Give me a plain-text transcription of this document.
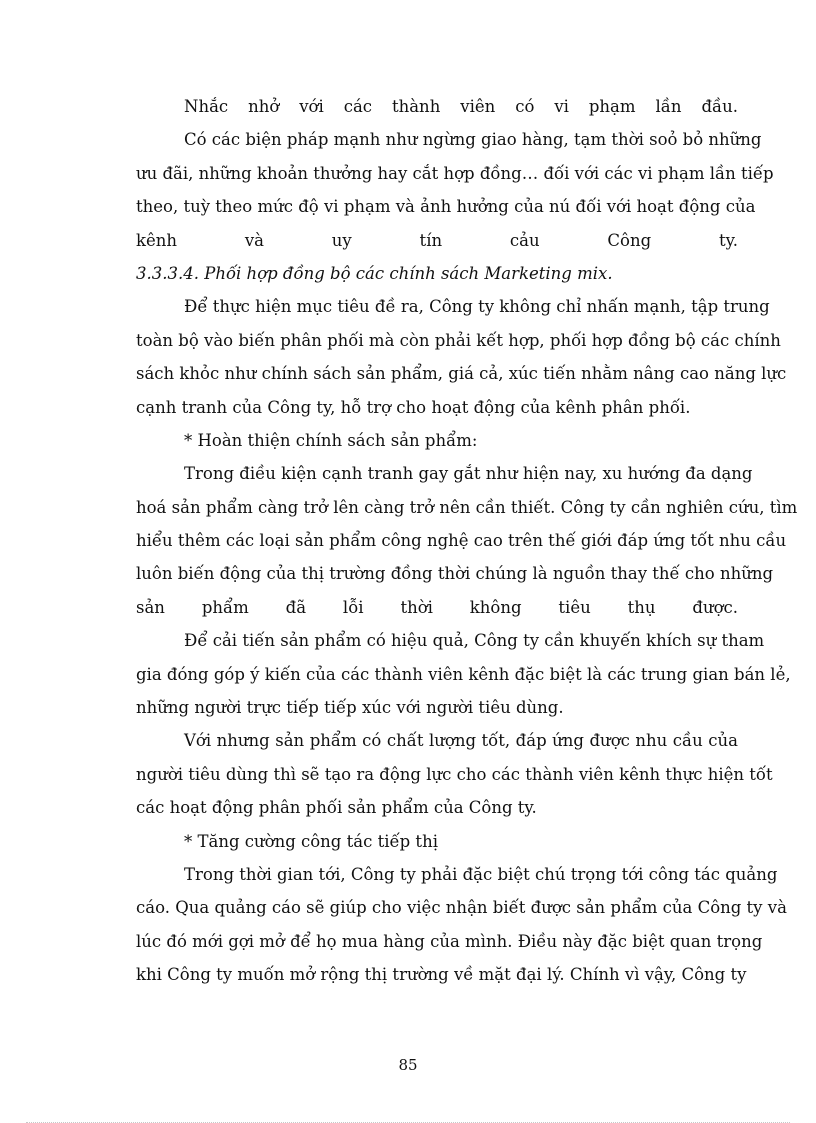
Nhắc nhở với các thành viên có vi phạm lần đầu.
Có các biện pháp mạnh như ngừng giao hàng, tạm thời soỏ bỏ những
ưu đãi, những khoản thưởng hay cắt hợp đồng… đối với các vi phạm lần tiếp
theo, tuỳ theo mức độ vi phạm và ảnh hưởng của nú đối với hoạt động của
kênh và uy tín cảu Công ty.
3.3.3.4. Phối hợp đồng bộ các chính sách Marketing mix.
Để thực hiện mục tiêu đề ra, Công ty không chỉ nhấn mạnh, tập trung
toàn bộ vào biến phân phối mà còn phải kết hợp, phối hợp đồng bộ các chính
sách khỏc như chính sách sản phẩm, giá cả, xúc tiến nhằm nâng cao năng lực
cạnh tranh của Công ty, hỗ trợ cho hoạt động của kênh phân phối.
* Hoàn thiện chính sách sản phẩm:
Trong điều kiện cạnh tranh gay gắt như hiện nay, xu hướng đa dạng
hoá sản phẩm càng trở lên càng trở nên cần thiết. Công ty cần nghiên cứu, tìm
hiểu thêm các loại sản phẩm công nghệ cao trên thế giới đáp ứng tốt nhu cầu
luôn biến động của thị trường đồng thời chúng là nguồn thay thế cho những
sản phẩm đã lỗi thời không tiêu thụ được.
Để cải tiến sản phẩm có hiệu quả, Công ty cần khuyến khích sự tham
gia đóng góp ý kiến của các thành viên kênh đặc biệt là các trung gian bán lẻ,
những người trực tiếp tiếp xúc với người tiêu dùng.
Với nhưng sản phẩm có chất lượng tốt, đáp ứng được nhu cầu của
người tiêu dùng thì sẽ tạo ra động lực cho các thành viên kênh thực hiện tốt
các hoạt động phân phối sản phẩm của Công ty.
* Tăng cường công tác tiếp thị
Trong thời gian tới, Công ty phải đặc biệt chú trọng tới công tác quảng
cáo. Qua quảng cáo sẽ giúp cho việc nhận biết được sản phẩm của Công ty và
lúc đó mới gợi mở để họ mua hàng của mình. Điều này đặc biệt quan trọng
khi Công ty muốn mở rộng thị trường về mặt đại lý. Chính vì vậy, Công ty
85
